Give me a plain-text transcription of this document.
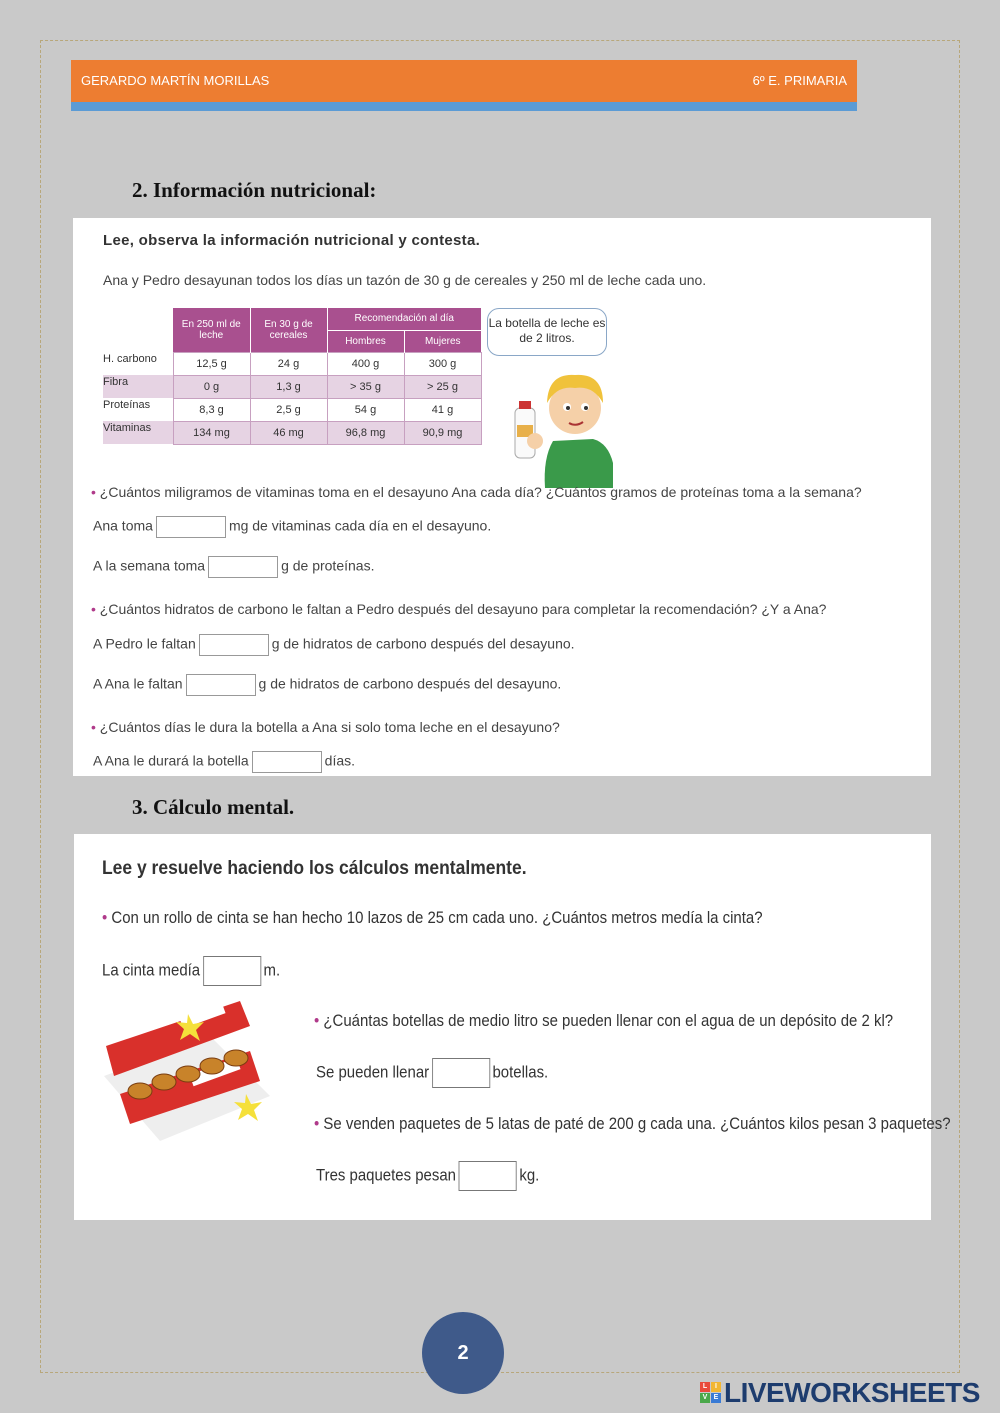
GERARDO MARTÍN MORILLAS	6º E. PRIMARIA
2. Información nutricional:
Lee, observa la información nutricional y contesta.
Ana y Pedro desayunan todos los días un tazón de 30 g de cereales y 250 ml de leche cada uno.
	En 250 ml de leche	En 30 g de cereales	Recomendación al día	
			Hombres	Mujeres
H. carbono	12,5 g	24 g	400 g	300 g
Fibra	0 g	1,3 g	> 35 g	> 25 g
Proteínas	8,3 g	2,5 g	54 g	41 g
Vitaminas	134 mg	46 mg	96,8 mg	90,9 mg
La botella de leche es de 2 litros.
• ¿Cuántos miligramos de vitaminas toma en el desayuno Ana cada día? ¿Cuántos gramos de proteínas toma a la semana?
Ana toma	mg de vitaminas cada día en el desayuno.
A la semana toma	g de proteínas.
• ¿Cuántos hidratos de carbono le faltan a Pedro después del desayuno para completar la recomendación? ¿Y a Ana?
A Pedro le faltan	g de hidratos de carbono después del desayuno.
A Ana le faltan	g de hidratos de carbono después del desayuno.
• ¿Cuántos días le dura la botella a Ana si solo toma leche en el desayuno?
A Ana le durará la botella	días.
3. Cálculo mental.
Lee y resuelve haciendo los cálculos mentalmente.
• Con un rollo de cinta se han hecho 10 lazos de 25 cm cada uno. ¿Cuántos metros medía la cinta?
La cinta medía	m.
• ¿Cuántas botellas de medio litro se pueden llenar con el agua de un depósito de 2 kl?
Se pueden llenar	botellas.
• Se venden paquetes de 5 latas de paté de 200 g cada una. ¿Cuántos kilos pesan 3 paquetes?
Tres paquetes pesan	kg.
2
L	I
V E LIVEWORKSHEETS
